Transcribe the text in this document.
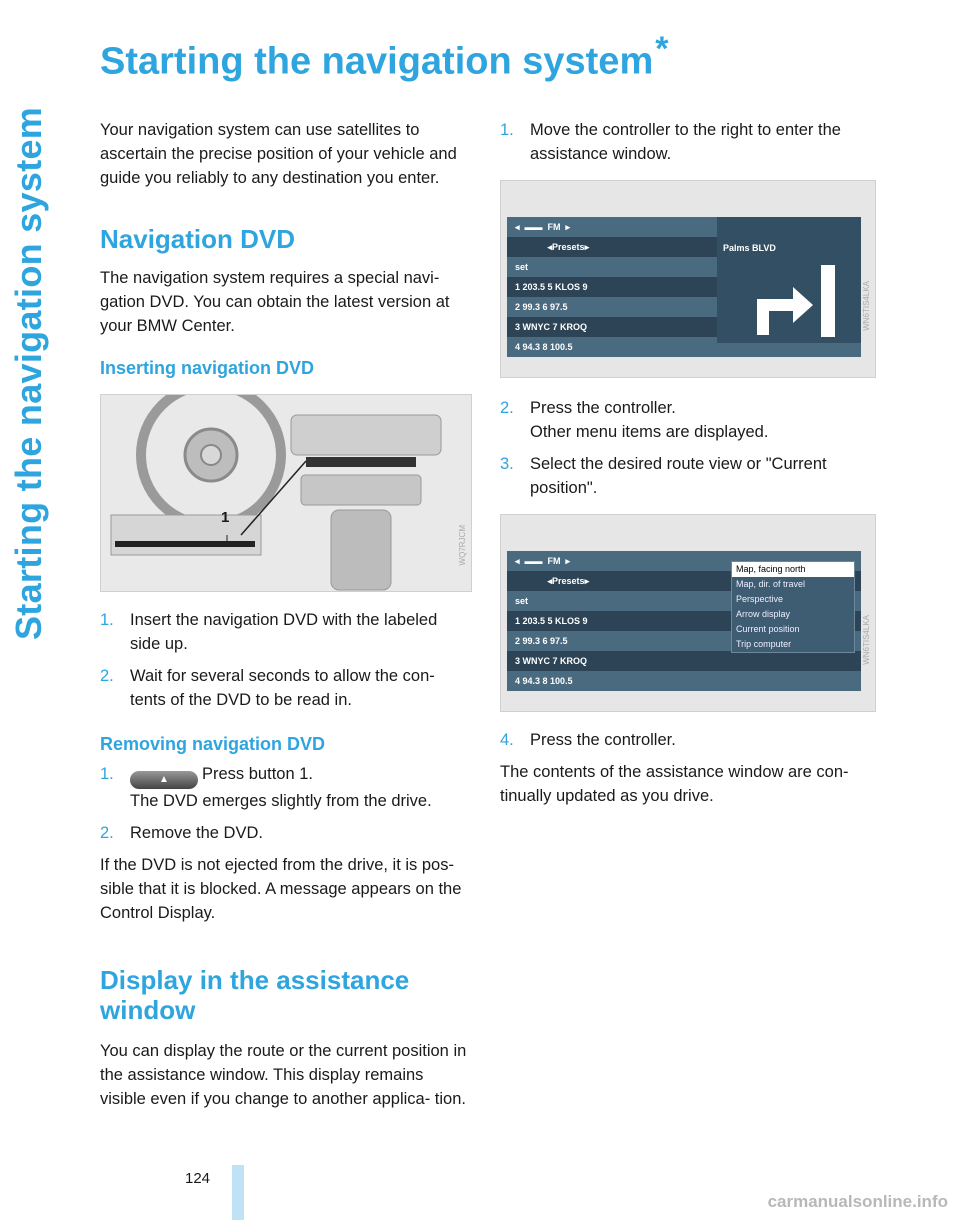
Starting the navigation system
Starting the navigation system*

Your navigation system can use satellites to ascertain the precise position of your vehicle and guide you reliably to any destination you enter.

Navigation DVD

The navigation system requires a special navi- gation DVD. You can obtain the latest version at your BMW Center.

Inserting navigation DVD
1
WQ7RJCM
1. Insert the navigation DVD with the labeled side up.
2. Wait for several seconds to allow the con- tents of the DVD to be read in.
Removing navigation DVD
1.	▲ Press button 1.
The DVD emerges slightly from the drive.
2. Remove the DVD.

If the DVD is not ejected from the drive, it is pos- sible that it is blocked. A message appears on the Control Display.

Display in the assistance window

You can display the route or the current position in the assistance window. This display remains visible even if you change to another applica- tion.

1. Move the controller to the right to enter the assistance window.
◂  ▬▬ FM ▸
◂ Presets ▸
set
1 203.5 5 KLOS 9
2 99.3 6 97.5
3 WNYC 7 KROQ
4 94.3 8 100.5
Palms BLVD
WN6TIS4LKA
2. Press the controller.
Other menu items are displayed.
3. Select the desired route view or "Current position".
◂  ▬▬ FM ▸
◂ Presets ▸
set
1 203.5 5 KLOS 9
2 99.3 6 97.5
3 WNYC 7 KROQ
4 94.3 8 100.5
Map, facing north
Map, dir. of travel
Perspective
Arrow display
Current position
Trip computer	WN6TIS4LKA
4. Press the controller.

The contents of the assistance window are con- tinually updated as you drive.

124
carmanualsonline.info
